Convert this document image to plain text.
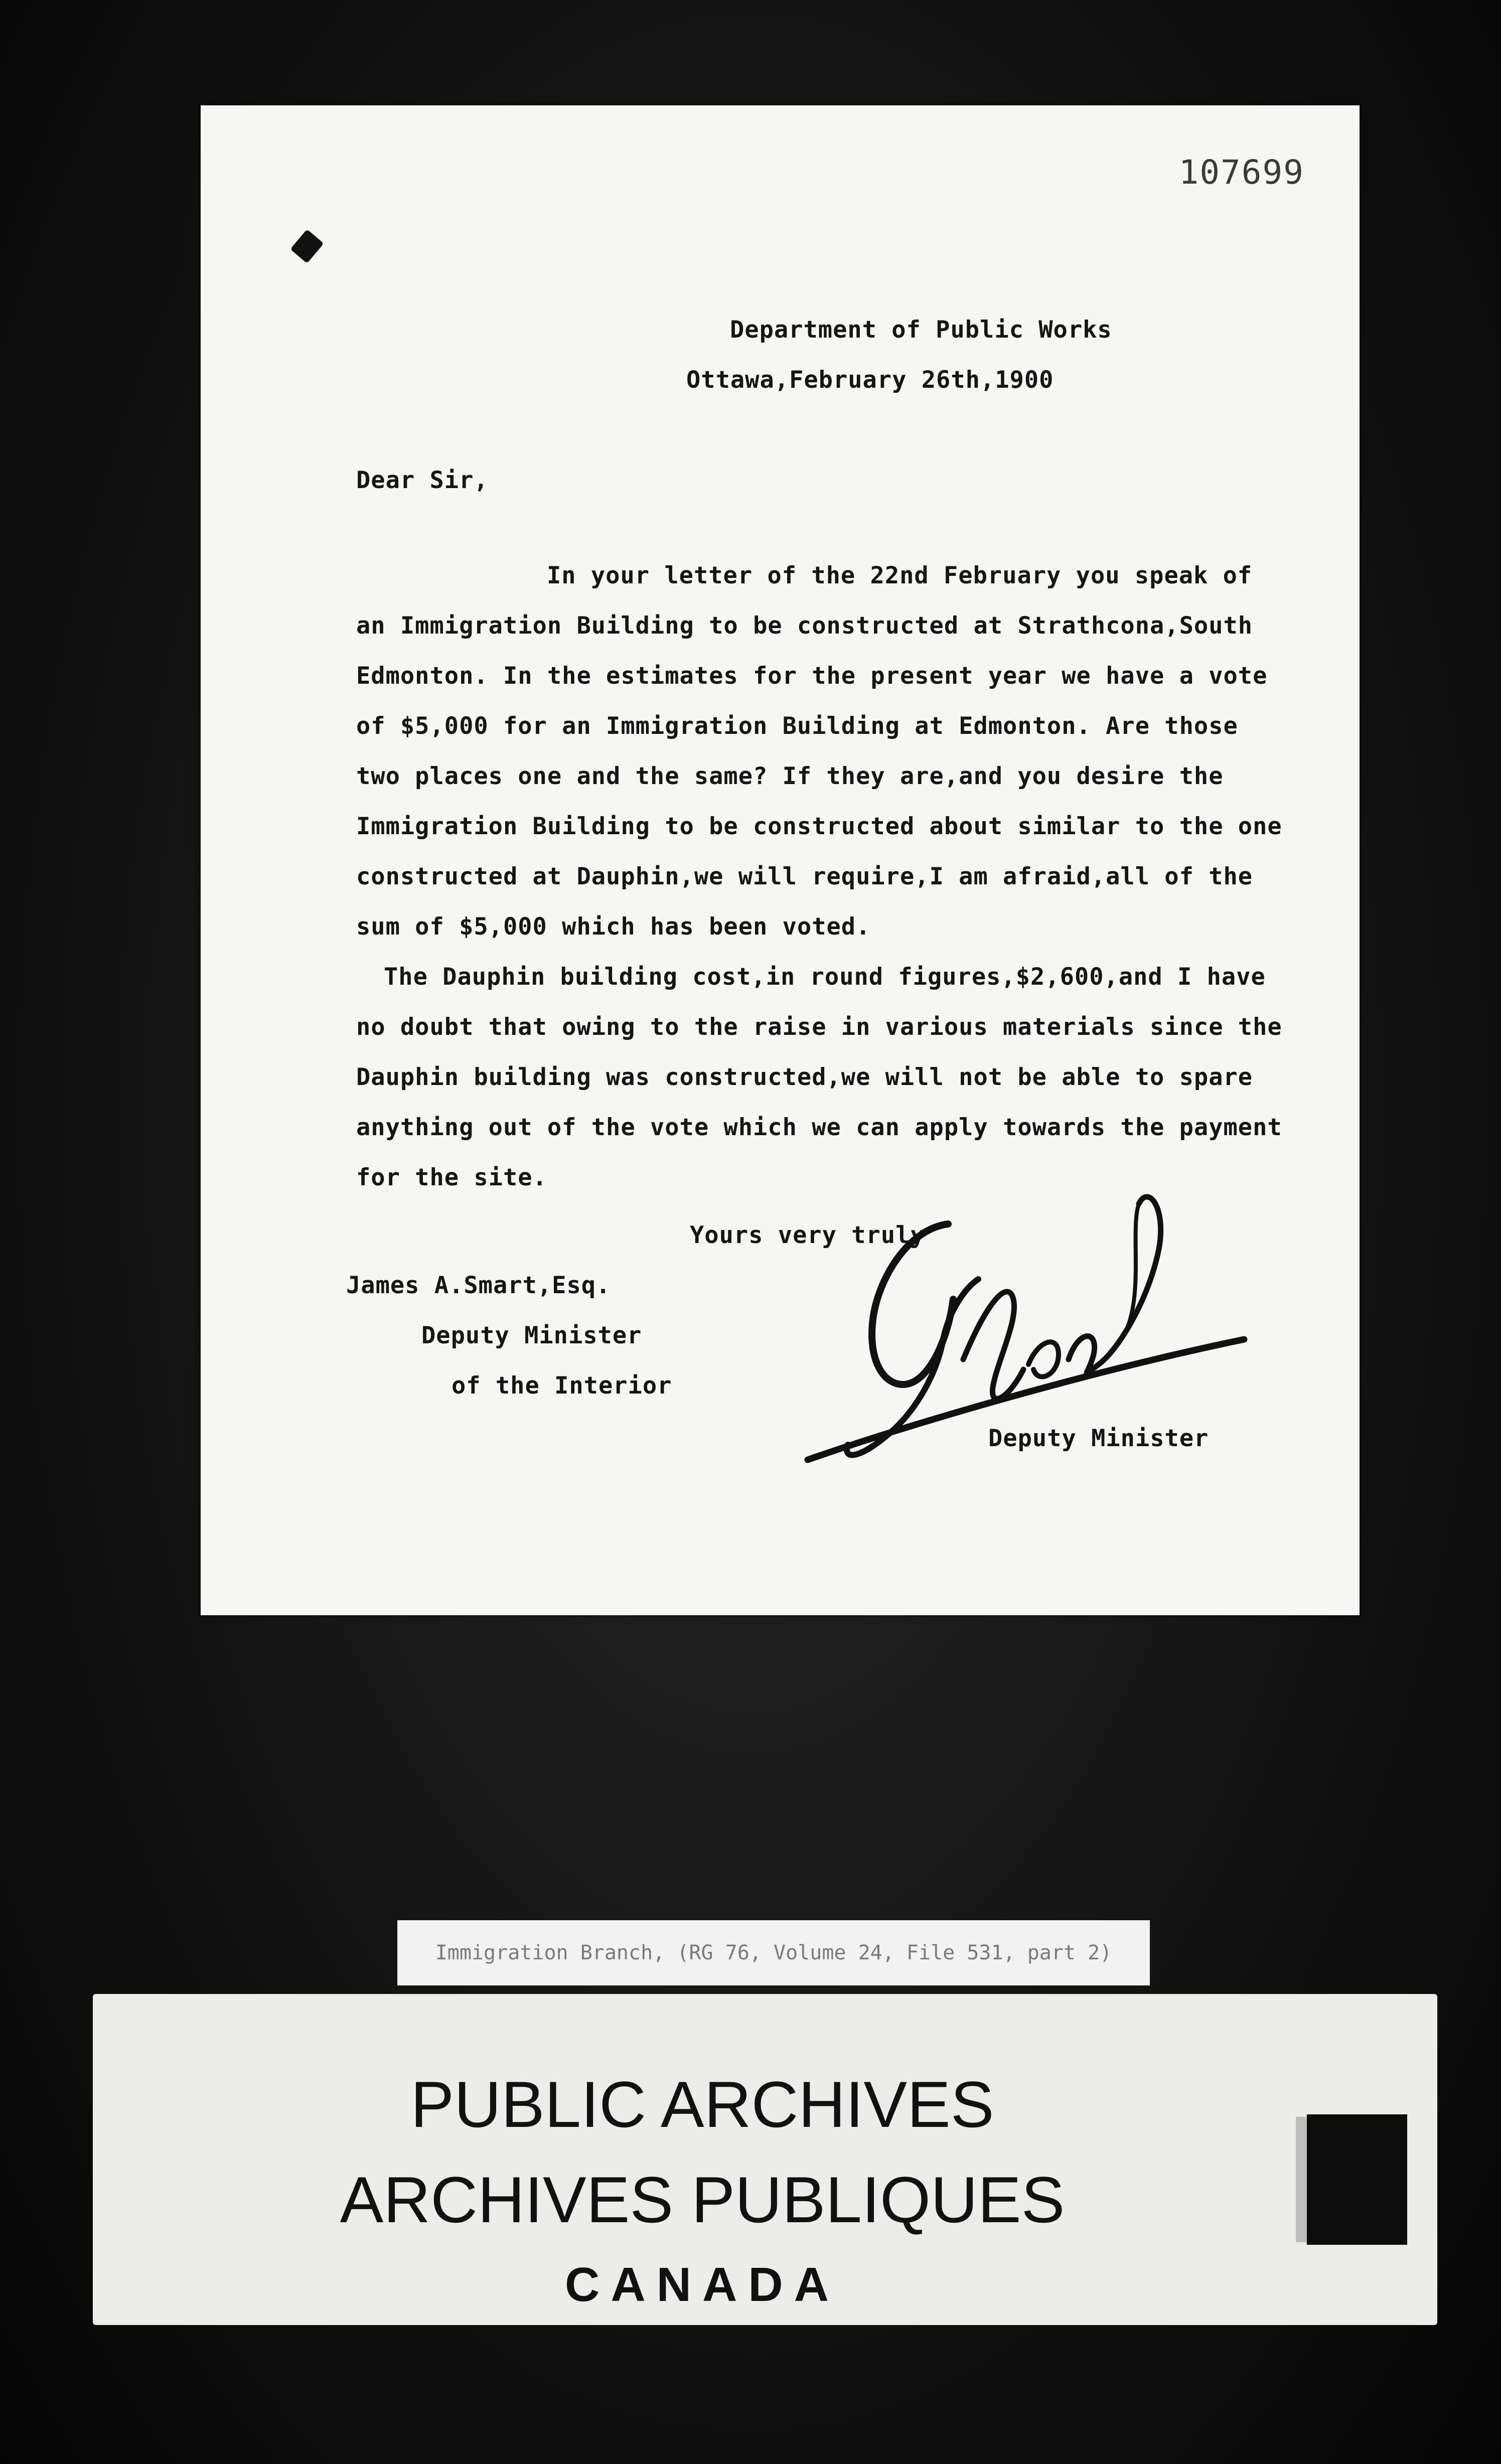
107699
Department of Public Works
Ottawa,February 26th,1900
Dear Sir,
In your letter of the 22nd February you speak of
an Immigration Building to be constructed at Strathcona,South
Edmonton. In the estimates for the present year we have a vote
of $5,000 for an Immigration Building at Edmonton. Are those
two places one and the same? If they are,and you desire the
Immigration Building to be constructed about similar to the one
constructed at Dauphin,we will require,I am afraid,all of the
sum of $5,000 which has been voted.
The Dauphin building cost,in round figures,$2,600,and I have
no doubt that owing to the raise in various materials since the
Dauphin building was constructed,we will not be able to spare
anything out of the vote which we can apply towards the payment
for the site.
Yours very truly
James A.Smart,Esq.
Deputy Minister
of the Interior
Deputy Minister
Immigration Branch, (RG 76, Volume 24, File 531, part 2)
PUBLIC ARCHIVES
ARCHIVES PUBLIQUES
CANADA
